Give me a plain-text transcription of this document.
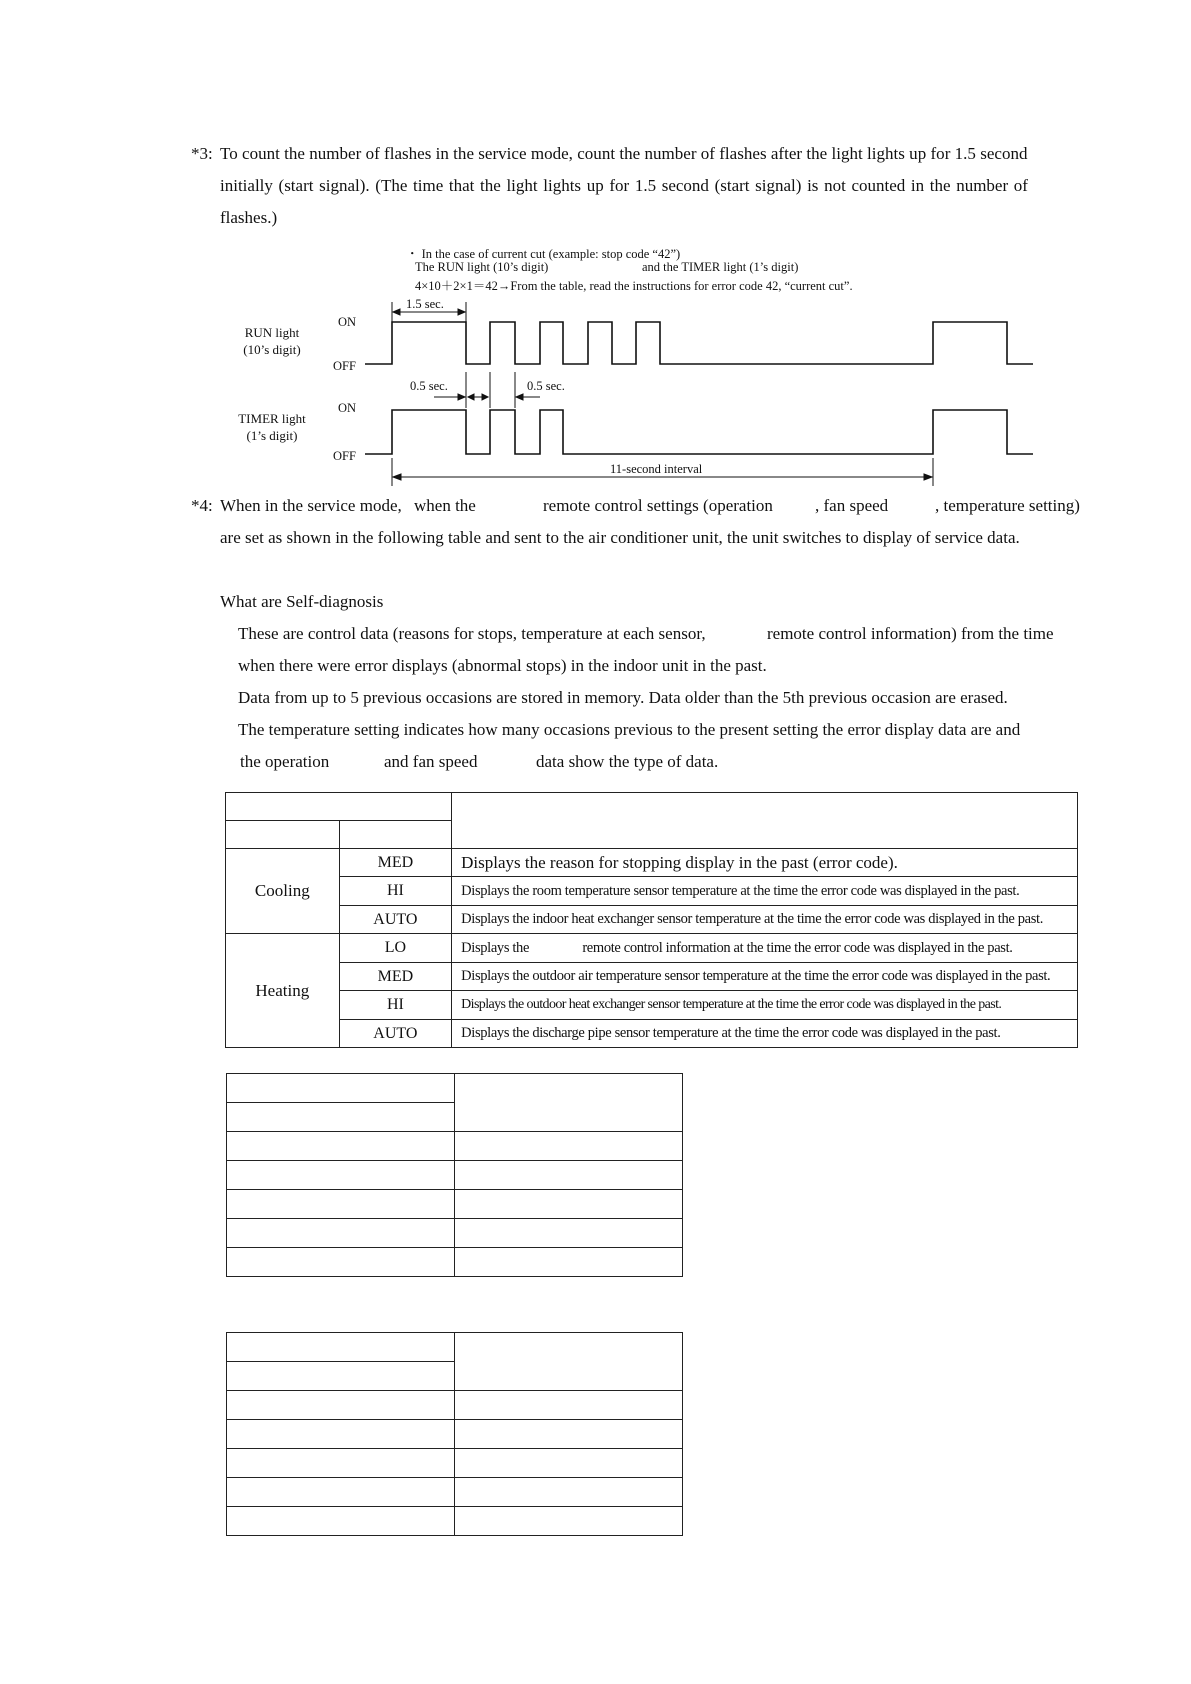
*3: To count the number of flashes in the service mode, count the number of flashes after the light lights up for 1.5 second
initially (start signal). (The time that the light lights up for 1.5 second (start signal) is not counted in the number of
flashes.)
・ In the case of current cut (example: stop code “42”)
The RUN light (10’s digit)	and the TIMER light (1’s digit)
4×10＋2×1＝42→From the table, read the instructions for error code 42, “current cut”.
RUN light
(10’s digit)
TIMER light
(1’s digit)
ON
OFF
ON
OFF
1.5 sec.
0.5 sec.	0.5 sec.
11-second interval
*4: When in the service mode, when the	remote control settings (operation , fan speed	, temperature setting)
are set as shown in the following table and sent to the air conditioner unit, the unit switches to display of service data.
What are Self-diagnosis
These are control data (reasons for stops, temperature at each sensor,	remote control information) from the time
when there were error displays (abnormal stops) in the indoor unit in the past.
Data from up to 5 previous occasions are stored in memory. Data older than the 5th previous occasion are erased.
The temperature setting indicates how many occasions previous to the present setting the error display data are and
the operation	and fan speed	data show the type of data.

Cooling	MED	Displays the reason for stopping display in the past (error code).
	HI	Displays the room temperature sensor temperature at the time the error code was displayed in the past.
	AUTO	Displays the indoor heat exchanger sensor temperature at the time the error code was displayed in the past.
Heating	LO	Displays the remote control information at the time the error code was displayed in the past.
	MED	Displays the outdoor air temperature sensor temperature at the time the error code was displayed in the past.
	HI	Displays the outdoor heat exchanger sensor temperature at the time the error code was displayed in the past.
	AUTO	Displays the discharge pipe sensor temperature at the time the error code was displayed in the past.
